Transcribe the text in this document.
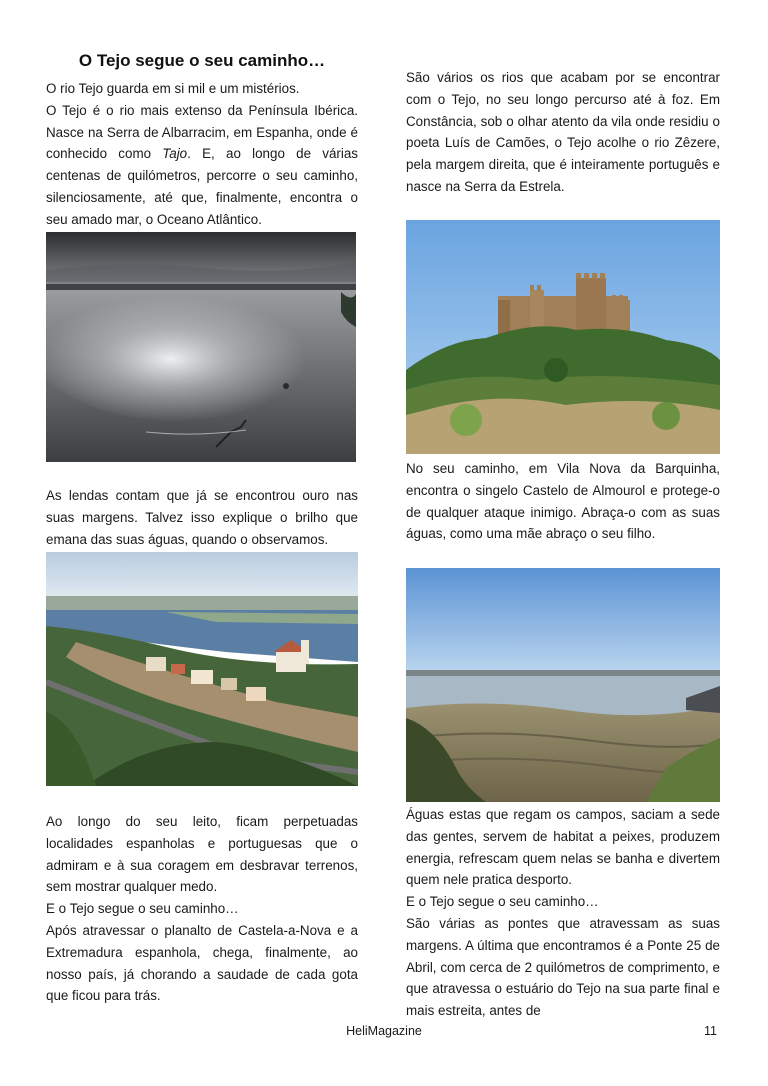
O Tejo segue o seu caminho…

O rio Tejo guarda em si mil e um mistérios.

O Tejo é o rio mais extenso da Península Ibérica. Nasce na Serra de Albarracim, em Espanha, onde é conhecido como Tajo. E, ao longo de várias centenas de quilómetros, percorre o seu caminho, silenciosamente, até que, finalmente, encontra o seu amado mar, o Oceano Atlântico.

As lendas contam que já se encontrou ouro nas suas margens. Talvez isso explique o brilho que emana das suas águas, quando o observamos.

Ao longo do seu leito, ficam perpetuadas localidades espanholas e portuguesas que o admiram e à sua coragem em desbravar terrenos, sem mostrar qualquer medo.

E o Tejo segue o seu caminho…

Após atravessar o planalto de Castela-a-Nova e a Extremadura espanhola, chega, finalmente, ao nosso país, já chorando a saudade de cada gota que ficou para trás.

São vários os rios que acabam por se encontrar com o Tejo, no seu longo percurso até à foz. Em Constância, sob o olhar atento da vila onde residiu o poeta Luís de Camões, o Tejo acolhe o rio Zêzere, pela margem direita, que é inteiramente português e nasce na Serra da Estrela.

No seu caminho, em Vila Nova da Barquinha, encontra o singelo Castelo de Almourol e protege-o de qualquer ataque inimigo. Abraça-o com as suas águas, como uma mãe abraço o seu filho.

Águas estas que regam os campos, saciam a sede das gentes, servem de habitat a peixes, produzem energia, refrescam quem nelas se banha e divertem quem nele pratica desporto.

E o Tejo segue o seu caminho…

São várias as pontes que atravessam as suas margens. A última que encontramos é a Ponte 25 de Abril, com cerca de 2 quilómetros de comprimento, e que atravessa o estuário do Tejo na sua parte final e mais estreita, antes de

HeliMagazine	11
